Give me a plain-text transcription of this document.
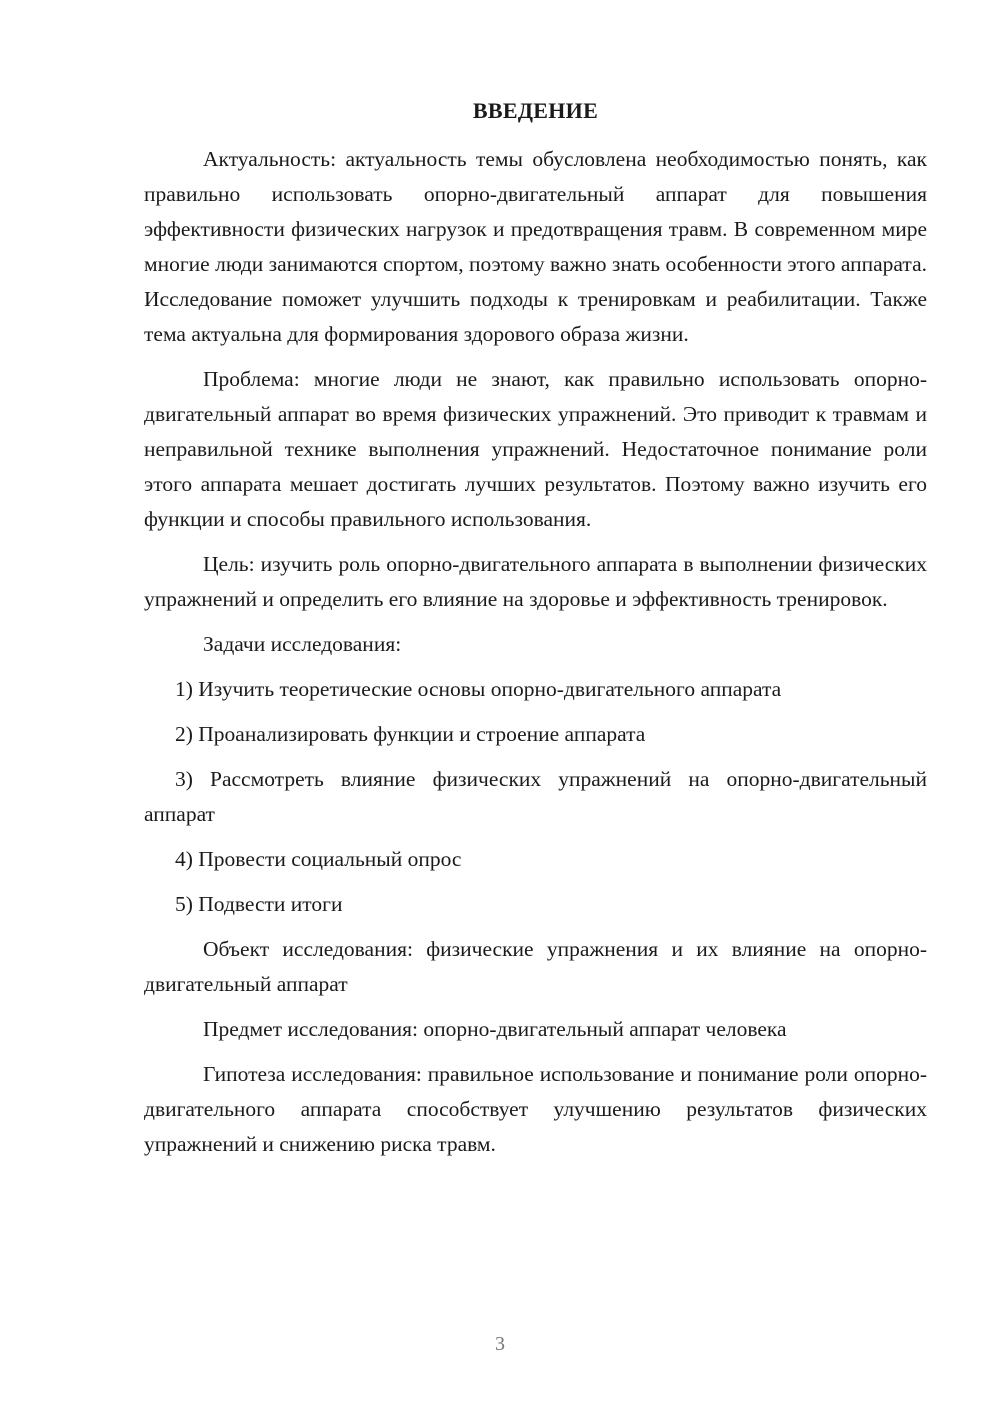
ВВЕДЕНИЕ

Актуальность: актуальность темы обусловлена необходимостью понять, как правильно использовать опорно-двигательный аппарат для повышения эффективности физических нагрузок и предотвращения травм. В современном мире многие люди занимаются спортом, поэтому важно знать особенности этого аппарата. Исследование поможет улучшить подходы к тренировкам и реабилитации. Также тема актуальна для формирования здорового образа жизни.

Проблема: многие люди не знают, как правильно использовать опорно-двигательный аппарат во время физических упражнений. Это приводит к травмам и неправильной технике выполнения упражнений. Недостаточное понимание роли этого аппарата мешает достигать лучших результатов. Поэтому важно изучить его функции и способы правильного использования.

Цель: изучить роль опорно-двигательного аппарата в выполнении физических упражнений и определить его влияние на здоровье и эффективность тренировок.

Задачи исследования:

1) Изучить теоретические основы опорно-двигательного аппарата

2) Проанализировать функции и строение аппарата

3) Рассмотреть влияние физических упражнений на опорно-двигательный аппарат

4) Провести социальный опрос

5) Подвести итоги

Объект исследования: физические упражнения и их влияние на опорно-двигательный аппарат

Предмет исследования: опорно-двигательный аппарат человека

Гипотеза исследования: правильное использование и понимание роли опорно-двигательного аппарата способствует улучшению результатов физических упражнений и снижению риска травм.

3
